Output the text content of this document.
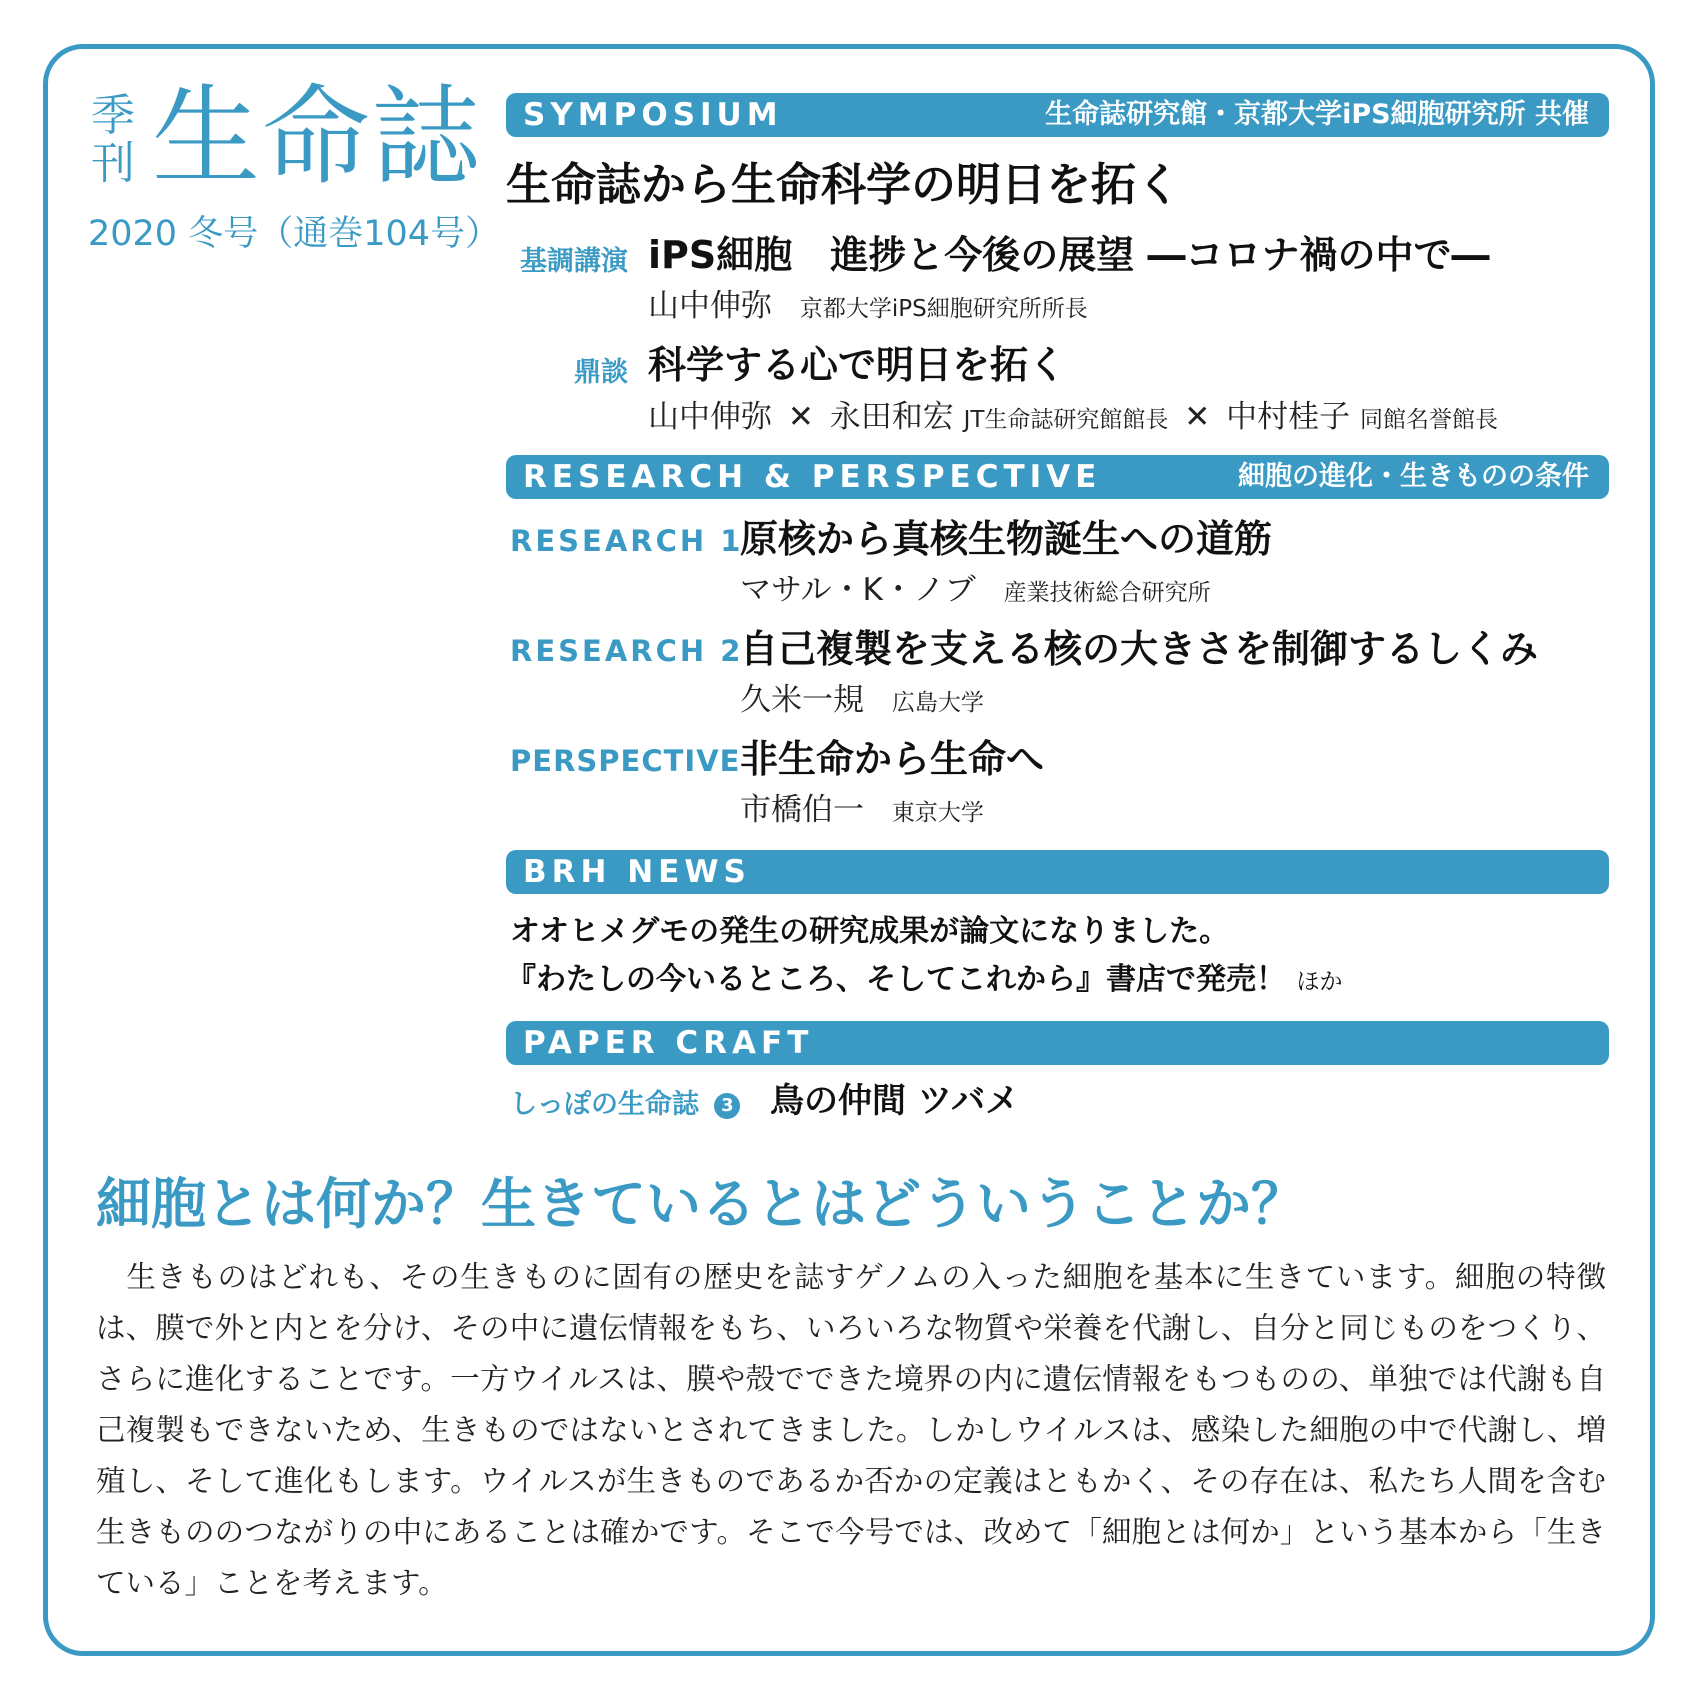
季刊 生命誌
2020 冬号（通巻104号）
SYMPOSIUM	生命誌研究館・京都大学iPS細胞研究所 共催
生命誌から生命科学の明日を拓く
基調講演 iPS細胞　進捗と今後の展望 ―コロナ禍の中で―
山中伸弥 京都大学iPS細胞研究所所長
鼎談 科学する心で明日を拓く
山中伸弥 ✕ 永田和宏 JT生命誌研究館館長 ✕ 中村桂子 同館名誉館長
RESEARCH & PERSPECTIVE	細胞の進化・生きものの条件
RESEARCH 1
原核から真核生物誕生への道筋
マサル・K・ノブ 産業技術総合研究所
RESEARCH 2
自己複製を支える核の大きさを制御するしくみ
久米一規 広島大学
PERSPECTIVE 非生命から生命へ
市橋伯一 東京大学
BRH NEWS
オオヒメグモの発生の研究成果が論文になりました。
『わたしの今いるところ、そしてこれから』書店で発売！ ほか
PAPER CRAFT
しっぽの生命誌 3 鳥の仲間 ツバメ
細胞とは何か？生きているとはどういうことか？
　生きものはどれも、その生きものに固有の歴史を誌すゲノムの入った細胞を基本に生きています。細胞の特徴は、膜で外と内とを分け、その中に遺伝情報をもち、いろいろな物質や栄養を代謝し、自分と同じものをつくり、さらに進化することです。一方ウイルスは、膜や殻でできた境界の内に遺伝情報をもつものの、単独では代謝も自己複製もできないため、生きものではないとされてきました。しかしウイルスは、感染した細胞の中で代謝し、増殖し、そして進化もします。ウイルスが生きものであるか否かの定義はともかく、その存在は、私たち人間を含む生きもののつながりの中にあることは確かです。そこで今号では、改めて「細胞とは何か」という基本から「生きている」ことを考えます。
